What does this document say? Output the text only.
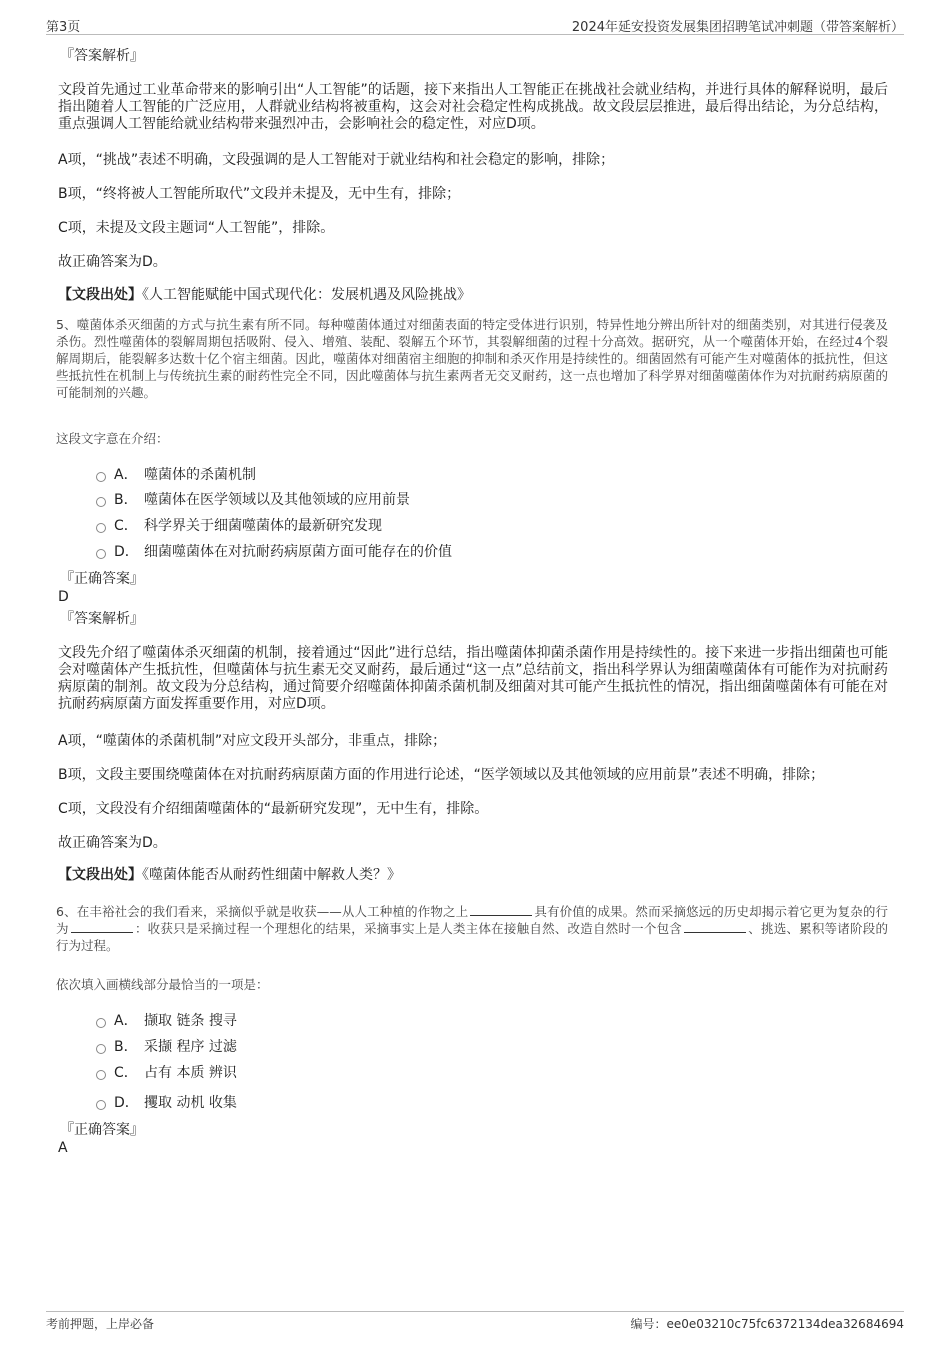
第3页	2024年延安投资发展集团招聘笔试冲刺题（带答案解析）
『答案解析』
文段首先通过工业革命带来的影响引出“人工智能”的话题，接下来指出人工智能正在挑战社会就业结构，并进行具体的解释说明，最后指出随着人工智能的广泛应用，人群就业结构将被重构，这会对社会稳定性构成挑战。故文段层层推进，最后得出结论，为分总结构，重点强调人工智能给就业结构带来强烈冲击，会影响社会的稳定性，对应D项。
A项，“挑战”表述不明确，文段强调的是人工智能对于就业结构和社会稳定的影响，排除；
B项，“终将被人工智能所取代”文段并未提及，无中生有，排除；
C项，未提及文段主题词“人工智能”，排除。
故正确答案为D。
【文段出处】《人工智能赋能中国式现代化：发展机遇及风险挑战》
5、噬菌体杀灭细菌的方式与抗生素有所不同。每种噬菌体通过对细菌表面的特定受体进行识别，特异性地分辨出所针对的细菌类别，对其进行侵袭及杀伤。烈性噬菌体的裂解周期包括吸附、侵入、增殖、装配、裂解五个环节，其裂解细菌的过程十分高效。据研究，从一个噬菌体开始，在经过4个裂解周期后，能裂解多达数十亿个宿主细菌。因此，噬菌体对细菌宿主细胞的抑制和杀灭作用是持续性的。细菌固然有可能产生对噬菌体的抵抗性，但这些抵抗性在机制上与传统抗生素的耐药性完全不同，因此噬菌体与抗生素两者无交叉耐药，这一点也增加了科学界对细菌噬菌体作为对抗耐药病原菌的可能制剂的兴趣。
这段文字意在介绍：
A． 噬菌体的杀菌机制
B． 噬菌体在医学领域以及其他领域的应用前景
C． 科学界关于细菌噬菌体的最新研究发现
D． 细菌噬菌体在对抗耐药病原菌方面可能存在的价值
『正确答案』
D
『答案解析』
文段先介绍了噬菌体杀灭细菌的机制，接着通过“因此”进行总结，指出噬菌体抑菌杀菌作用是持续性的。接下来进一步指出细菌也可能会对噬菌体产生抵抗性，但噬菌体与抗生素无交叉耐药，最后通过“这一点”总结前文，指出科学界认为细菌噬菌体有可能作为对抗耐药病原菌的制剂。故文段为分总结构，通过简要介绍噬菌体抑菌杀菌机制及细菌对其可能产生抵抗性的情况，指出细菌噬菌体有可能在对抗耐药病原菌方面发挥重要作用，对应D项。
A项，“噬菌体的杀菌机制”对应文段开头部分，非重点，排除；
B项，文段主要围绕噬菌体在对抗耐药病原菌方面的作用进行论述，“医学领域以及其他领域的应用前景”表述不明确，排除；
C项，文段没有介绍细菌噬菌体的“最新研究发现”，无中生有，排除。
故正确答案为D。
【文段出处】《噬菌体能否从耐药性细菌中解救人类？》
6、在丰裕社会的我们看来，采摘似乎就是收获——从人工种植的作物之上	具有价值的成果。然而采摘悠远的历史却揭示着它更为复杂的行为	：收获只是采摘过程一个理想化的结果，采摘事实上是人类主体在接触自然、改造自然时一个包含	、挑选、累积等诸阶段的行为过程。
依次填入画横线部分最恰当的一项是：
A． 撷取 链条 搜寻
B． 采撷 程序 过滤
C． 占有 本质 辨识
D． 攫取 动机 收集
『正确答案』
A
考前押题，上岸必备	编号：ee0e03210c75fc6372134dea32684694
